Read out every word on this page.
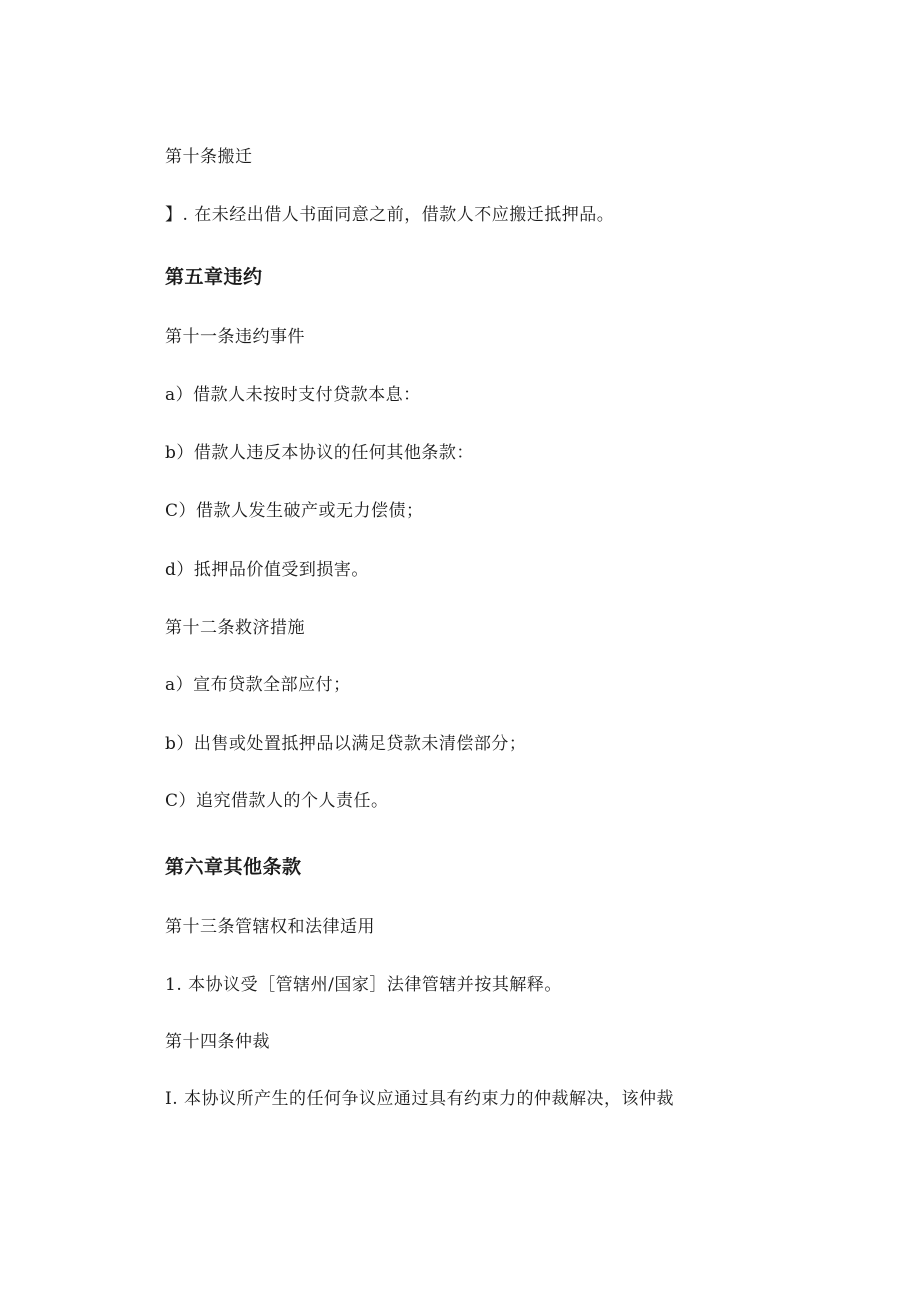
第十条搬迁
】. 在未经出借人书面同意之前，借款人不应搬迁抵押品。
第五章违约
第十一条违约事件
a）借款人未按时支付贷款本息：
b）借款人违反本协议的任何其他条款：
C）借款人发生破产或无力偿债；
d）抵押品价值受到损害。
第十二条救济措施
a）宣布贷款全部应付；
b）出售或处置抵押品以满足贷款未清偿部分；
C）追究借款人的个人责任。
第六章其他条款
第十三条管辖权和法律适用
1. 本协议受［管辖州/国家］法律管辖并按其解释。
第十四条仲裁
I. 本协议所产生的任何争议应通过具有约束力的仲裁解决，该仲裁
